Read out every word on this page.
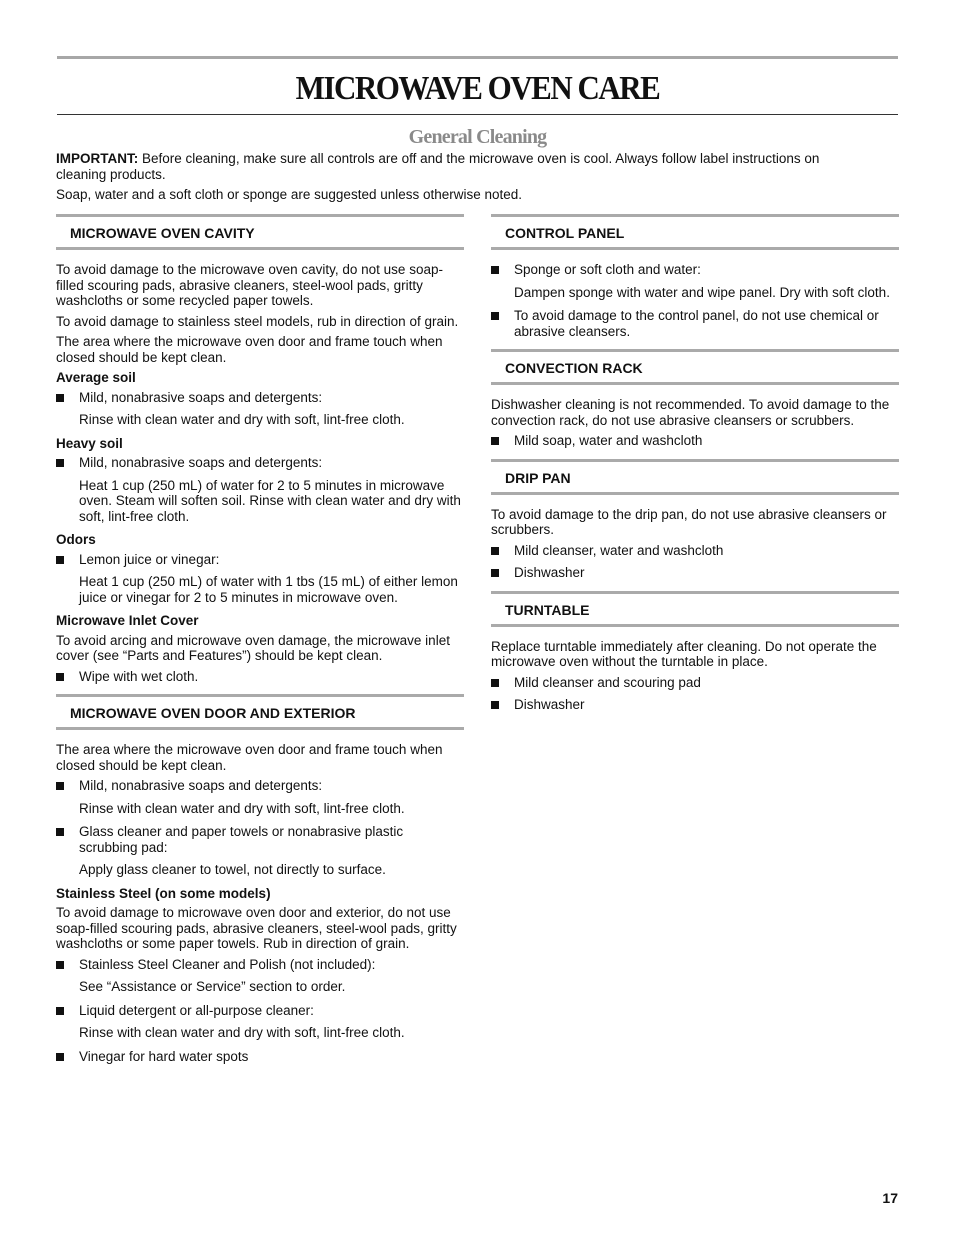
MICROWAVE OVEN CARE
General Cleaning

IMPORTANT: Before cleaning, make sure all controls are off and the microwave oven is cool. Always follow label instructions on cleaning products.

Soap, water and a soft cloth or sponge are suggested unless otherwise noted.

MICROWAVE OVEN CAVITY

To avoid damage to the microwave oven cavity, do not use soap-filled scouring pads, abrasive cleaners, steel-wool pads, gritty washcloths or some recycled paper towels.

To avoid damage to stainless steel models, rub in direction of grain.

The area where the microwave oven door and frame touch when closed should be kept clean.

Average soil
Mild, nonabrasive soaps and detergents:
Rinse with clean water and dry with soft, lint-free cloth.
Heavy soil
Mild, nonabrasive soaps and detergents:
Heat 1 cup (250 mL) of water for 2 to 5 minutes in microwave oven. Steam will soften soil. Rinse with clean water and dry with soft, lint-free cloth.
Odors
Lemon juice or vinegar:
Heat 1 cup (250 mL) of water with 1 tbs (15 mL) of either lemon juice or vinegar for 2 to 5 minutes in microwave oven.
Microwave Inlet Cover

To avoid arcing and microwave oven damage, the microwave inlet cover (see “Parts and Features”) should be kept clean.

Wipe with wet cloth.
MICROWAVE OVEN DOOR AND EXTERIOR

The area where the microwave oven door and frame touch when closed should be kept clean.

Mild, nonabrasive soaps and detergents:
Rinse with clean water and dry with soft, lint-free cloth.
Glass cleaner and paper towels or nonabrasive plastic scrubbing pad:
Apply glass cleaner to towel, not directly to surface.
Stainless Steel (on some models)

To avoid damage to microwave oven door and exterior, do not use soap-filled scouring pads, abrasive cleaners, steel-wool pads, gritty washcloths or some paper towels. Rub in direction of grain.

Stainless Steel Cleaner and Polish (not included):
See “Assistance or Service” section to order.
Liquid detergent or all-purpose cleaner:
Rinse with clean water and dry with soft, lint-free cloth.
Vinegar for hard water spots
CONTROL PANEL
Sponge or soft cloth and water:
Dampen sponge with water and wipe panel. Dry with soft cloth.
To avoid damage to the control panel, do not use chemical or abrasive cleansers.
CONVECTION RACK

Dishwasher cleaning is not recommended. To avoid damage to the convection rack, do not use abrasive cleansers or scrubbers.

Mild soap, water and washcloth
DRIP PAN

To avoid damage to the drip pan, do not use abrasive cleansers or scrubbers.

Mild cleanser, water and washcloth
Dishwasher
TURNTABLE

Replace turntable immediately after cleaning. Do not operate the microwave oven without the turntable in place.

Mild cleanser and scouring pad
Dishwasher
17
